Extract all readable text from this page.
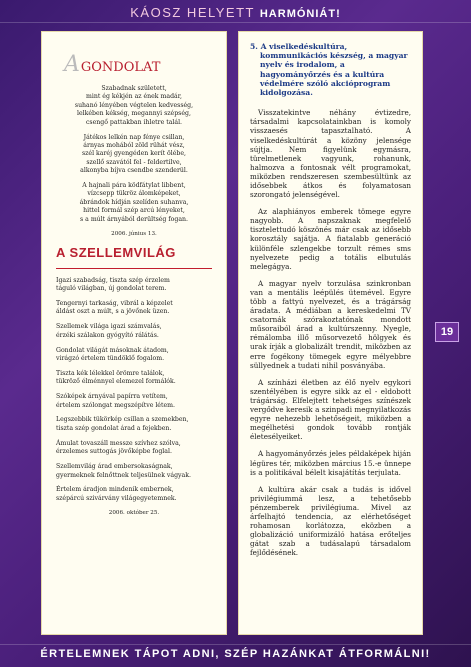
KÁOSZ HELYETT HARMÓNIÁT!
AGONDOLAT

Szabadnak született,
mint ég kékjén az ének madár,
suhanó lényében végtelen kedvesség,
lelkében kékség, megannyi szépség,
csengő pattakban ihletre talál.

Játékos lelkén nap fénye csillan,
árnyas mohából zöld rühát vész,
szél karéj gyengéden kerít ölébe,
szellő szavától fel - feldertilve,
alkonyba bíjva csendbe szenderül.

A hajnali pára ködfátylat libbent,
vízcsepp tükröz álomképeket,
ábrándok hídján szelíden suhanva,
hittel formál szép arcú lényeket,
s a múlt árnyából derültség fogan.

2006. június 13.
A SZELLEMVILÁG

Igazi szabadság, tiszta szép érzelem
táguló világban, új gondolat terem.

Tengernyi tarkaság, vibrál a képzelet
áldást oszt a múlt, s a jövőnek üzen.

Szellemek világa igazi számvalás,
érzéki szálakon gyógyító rálátás.

Gondolat világát másoknak átadom,
virágzó értelem tündöklő fogalom.

Tiszta kék lélekkel örömre találok,
tükröző élménnyel elemezel formálók.

Szóképek árnyával papírra vetítem,
értelem szólongat megszépítve létem.

Legszebbik tükörkép csillan a szemekben,
tiszta szép gondolat árad a fejekben.

Ámulat tovaszáll messze szívhez szólva,
érzelemes suttogás jövőképbe foglal.

Szellemvilág árad embersokaságnak,
gyermeknek felnőttnek teljesülnek vágyak.

Értelem áradjon mindenik embernek,
szépárcú szivárvány világegyetemnek.

2006. október 25.
5. A viselkedéskultúra, kommunikációs készség, a magyar nyelv és irodalom, a hagyományőrzés és a kultúra védelmére szóló akcióprogram kidolgozása.

Visszatekintve néhány évtizedre, társadalmi kapcsolatainkban is komoly visszaesés tapasztalható. A viselkedéskultúrát a közöny jelensége sújtja. Nem figyelünk egymásra, türelmetlenek vagyunk, rohanunk, halmozva a fontosnak vélt programokat, miközben rendszeresen szembesültünk az idősebbek átkos és folyamatosan szorongató jelenségével.

Az alaphiányos emberek tömege egyre nagyobb. A napszaknak megfelelő tisztelettudó köszönés már csak az idősebb korosztály sajátja. A fiatalabb generáció különféle szlengekbe torzult rémes sms nyelvezete pedig a totális elbutulás melegágya.

A magyar nyelv torzulása szinkronban van a mentális leépülés ütemével. Egyre több a fattyú nyelvezet, és a trágárság áradata. A médiában a kereskedelmi TV csatornák szórakoztatónak mondott műsoraiból árad a kultúrszenny. Nyegle, rémálomba illő műsorvezető hölgyek és urak írják a globalizált trendit, miközben az erre fogékony tömegek egyre mélyebbre süllyednek a tudati nihil posványába.

A színházi életben az élő nyelv egykori szentélyében is egyre sikk az el - eldobott trágárság. Elfelejtett tehetséges színészek vergődve keresik a szinpadi megnyilatkozás egyre nehezebb lehetőségeit, miközben a megélhetési gondok tovább rontják életesélyeiket.

A hagyományőrzés jeles példaképek hiján légüres tér, miközben március 15.-e ünnepe is a politikával bélelt kisajátítás terjulata.

A kultúra akár csak a tudás is idővel privilégiummá lesz, a tehetősebb pénzemberek privilégiuma. Mivel az árfelhajtó tendencia, az elérhetőséget rohamosan korlátozza, eközben a globalizáció uniformizáló hatása erőteljes gátat szab a tudásalapú társadalom fejlődésének.

19
ÉRTELEMNEK TÁPOT ADNI, SZÉP HAZÁNKAT ÁTFORMÁLNI!
